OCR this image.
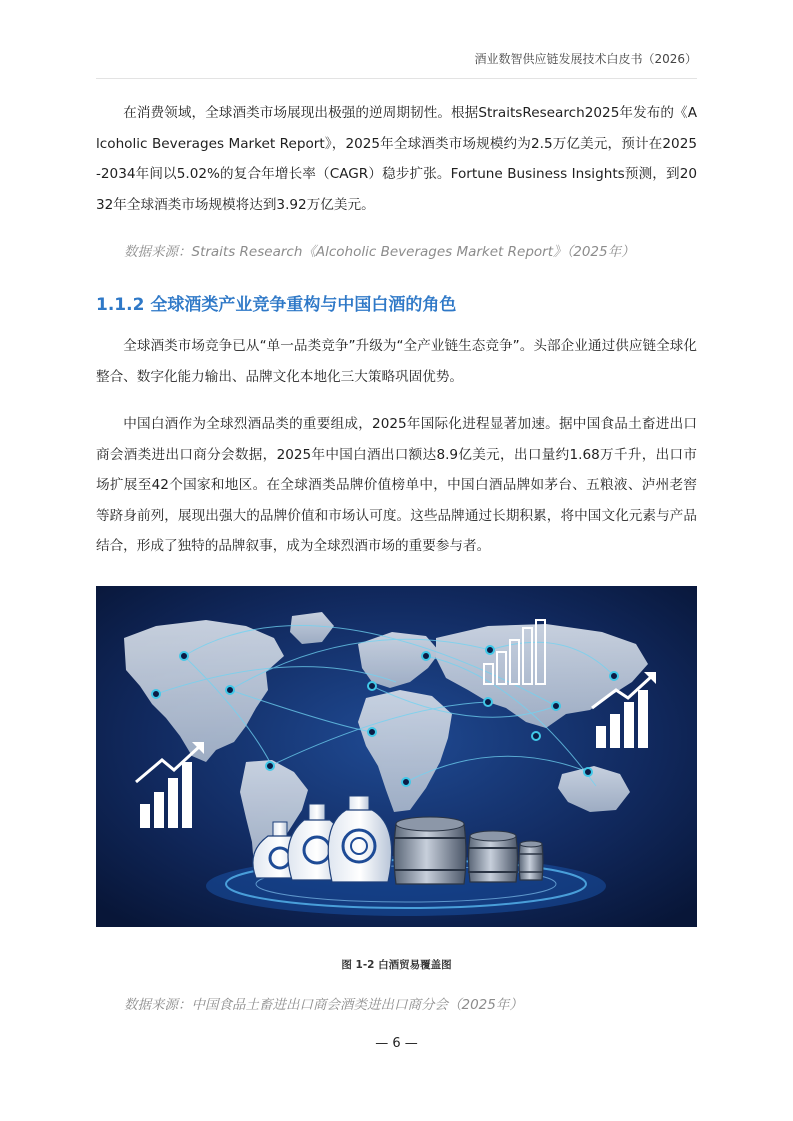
酒业数智供应链发展技术白皮书（2026）

在消费领域，全球酒类市场展现出极强的逆周期韧性。根据StraitsResearch2025年发布的《Alcoholic Beverages Market Report》，2025年全球酒类市场规模约为2.5万亿美元，预计在2025-2034年间以5.02%的复合年增长率（CAGR）稳步扩张。Fortune Business Insights预测，到2032年全球酒类市场规模将达到3.92万亿美元。

数据来源：Straits Research《Alcoholic Beverages Market Report》（2025年）

1.1.2 全球酒类产业竞争重构与中国白酒的角色

全球酒类市场竞争已从“单一品类竞争”升级为“全产业链生态竞争”。头部企业通过供应链全球化整合、数字化能力输出、品牌文化本地化三大策略巩固优势。

中国白酒作为全球烈酒品类的重要组成，2025年国际化进程显著加速。据中国食品土畜进出口商会酒类进出口商分会数据，2025年中国白酒出口额达8.9亿美元，出口量约1.68万千升，出口市场扩展至42个国家和地区。在全球酒类品牌价值榜单中，中国白酒品牌如茅台、五粮液、泸州老窖等跻身前列，展现出强大的品牌价值和市场认可度。这些品牌通过长期积累，将中国文化元素与产品结合，形成了独特的品牌叙事，成为全球烈酒市场的重要参与者。

图 1-2 白酒贸易覆盖图

数据来源：中国食品土畜进出口商会酒类进出口商分会（2025年）

— 6 —
